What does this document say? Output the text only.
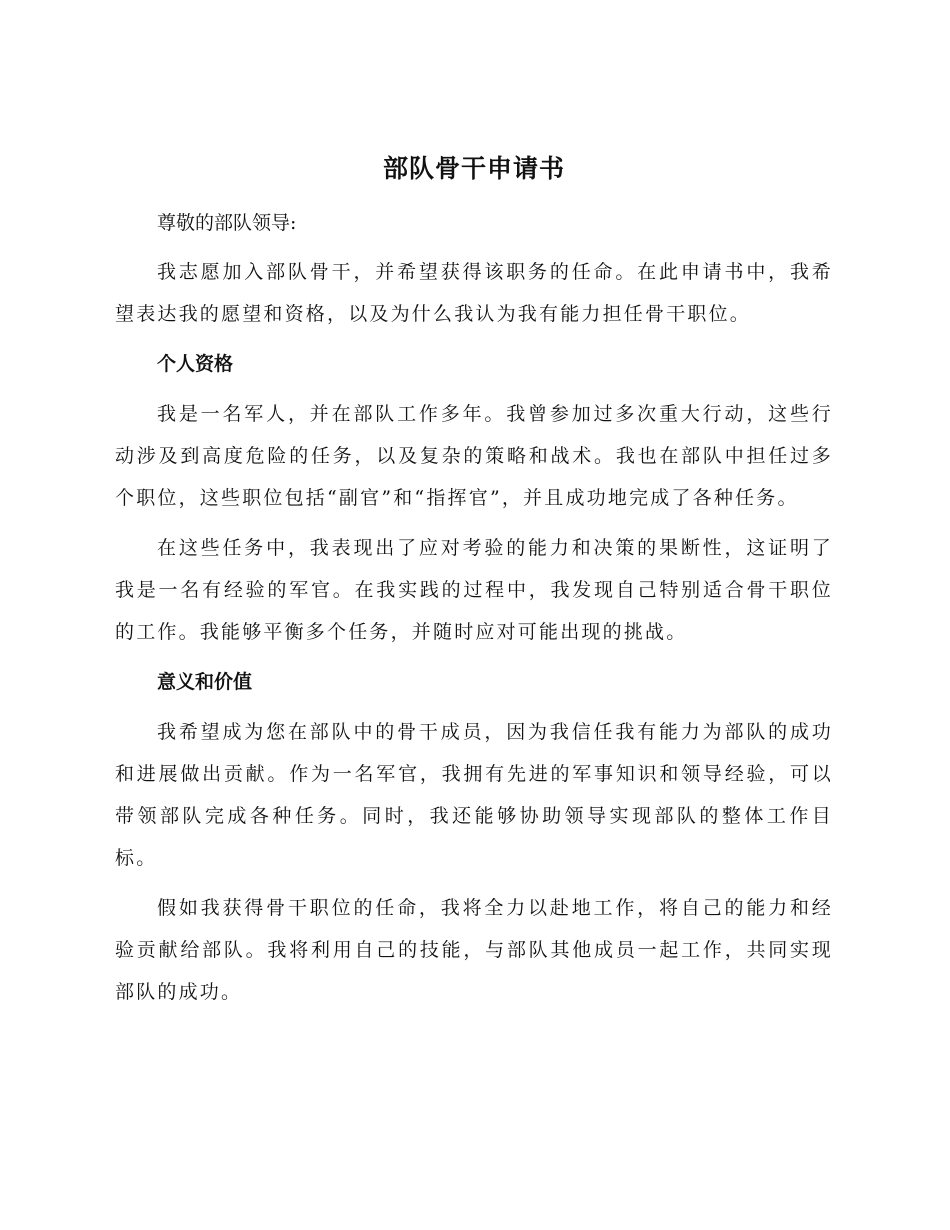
部队骨干申请书
尊敬的部队领导:
我志愿加入部队骨干，并希望获得该职务的任命。在此申请书中，我希望表达我的愿望和资格，以及为什么我认为我有能力担任骨干职位。
个人资格
我是一名军人，并在部队工作多年。我曾参加过多次重大行动，这些行动涉及到高度危险的任务，以及复杂的策略和战术。我也在部队中担任过多个职位，这些职位包括“副官”和“指挥官”，并且成功地完成了各种任务。
在这些任务中，我表现出了应对考验的能力和决策的果断性，这证明了我是一名有经验的军官。在我实践的过程中，我发现自己特别适合骨干职位的工作。我能够平衡多个任务，并随时应对可能出现的挑战。
意义和价值
我希望成为您在部队中的骨干成员，因为我信任我有能力为部队的成功和进展做出贡献。作为一名军官，我拥有先进的军事知识和领导经验，可以带领部队完成各种任务。同时，我还能够协助领导实现部队的整体工作目标。
假如我获得骨干职位的任命，我将全力以赴地工作，将自己的能力和经验贡献给部队。我将利用自己的技能，与部队其他成员一起工作，共同实现部队的成功。
